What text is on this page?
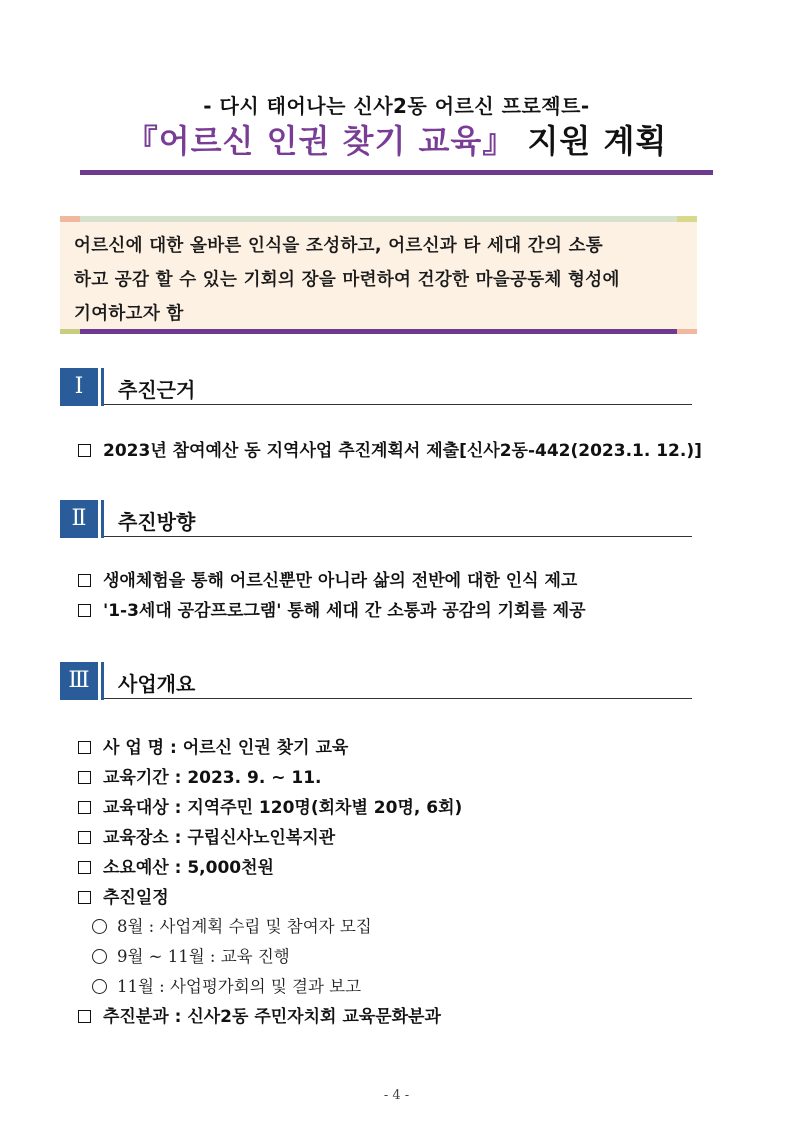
- 다시 태어나는 신사2동 어르신 프로젝트-
『어르신 인권 찾기 교육』 지원 계획
어르신에 대한 올바른 인식을 조성하고, 어르신과 타 세대 간의 소통
하고 공감 할 수 있는 기회의 장을 마련하여 건강한 마을공동체 형성에
기여하고자 함
Ⅰ	추진근거
2023년 참여예산 동 지역사업 추진계획서 제출[신사2동-442(2023.1. 12.)]
Ⅱ	추진방향
생애체험을 통해 어르신뿐만 아니라 삶의 전반에 대한 인식 제고
'1-3세대 공감프로그램' 통해 세대 간 소통과 공감의 기회를 제공
Ⅲ	사업개요
사 업 명 : 어르신 인권 찾기 교육
교육기간 : 2023. 9. ~ 11.
교육대상 : 지역주민 120명(회차별 20명, 6회)
교육장소 : 구립신사노인복지관
소요예산 : 5,000천원
추진일정
8월 : 사업계획 수립 및 참여자 모집
9월 ~ 11월 : 교육 진행
11월 : 사업평가회의 및 결과 보고
추진분과 : 신사2동 주민자치회 교육문화분과
- 4 -
